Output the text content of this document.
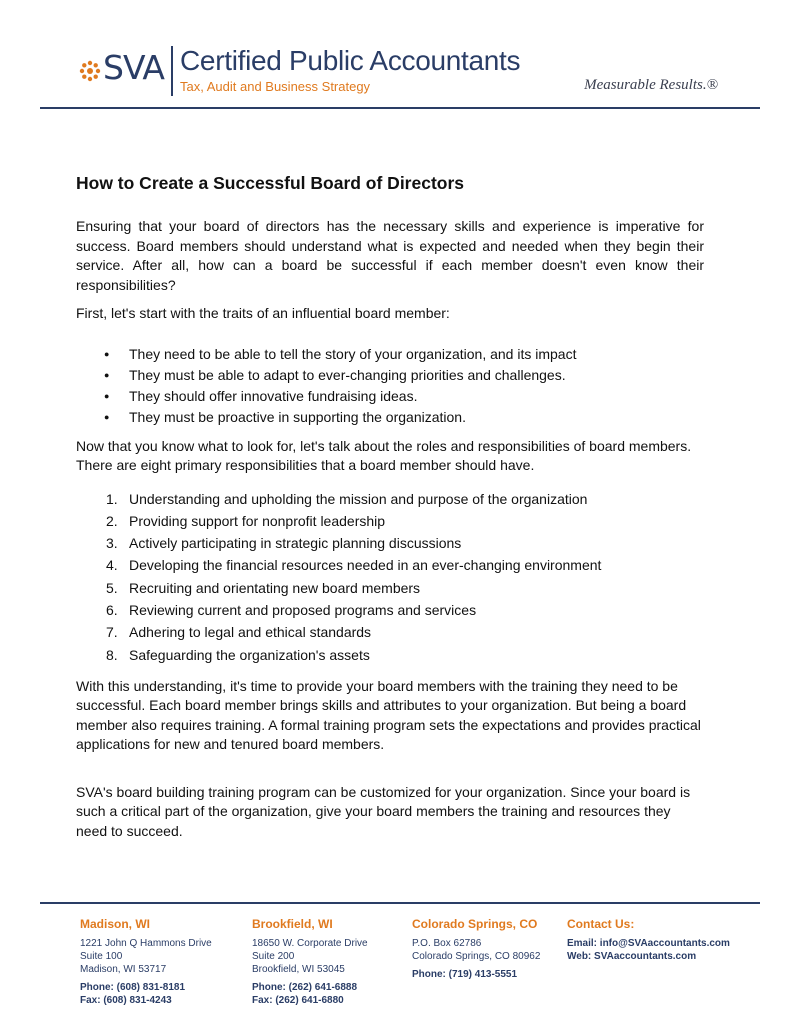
SVA Certified Public Accountants
Tax, Audit and Business Strategy	Measurable Results.®
How to Create a Successful Board of Directors

Ensuring that your board of directors has the necessary skills and experience is imperative for success. Board members should understand what is expected and needed when they begin their service. After all, how can a board be successful if each member doesn't even know their responsibilities?

First, let's start with the traits of an influential board member:

● They need to be able to tell the story of your organization, and its impact
● They must be able to adapt to ever-changing priorities and challenges.
● They should offer innovative fundraising ideas.
● They must be proactive in supporting the organization.

Now that you know what to look for, let's talk about the roles and responsibilities of board members. There are eight primary responsibilities that a board member should have.

1. Understanding and upholding the mission and purpose of the organization
2. Providing support for nonprofit leadership
3. Actively participating in strategic planning discussions
4. Developing the financial resources needed in an ever-changing environment
5. Recruiting and orientating new board members
6. Reviewing current and proposed programs and services
7. Adhering to legal and ethical standards
8. Safeguarding the organization's assets

With this understanding, it's time to provide your board members with the training they need to be successful. Each board member brings skills and attributes to your organization. But being a board member also requires training. A formal training program sets the expectations and provides practical applications for new and tenured board members.

SVA's board building training program can be customized for your organization. Since your board is such a critical part of the organization, give your board members the training and resources they need to succeed.

Madison, WI
1221 John Q Hammons Drive
Suite 100
Madison, WI 53717
Phone: (608) 831-8181
Fax: (608) 831-4243
Brookfield, WI
18650 W. Corporate Drive
Suite 200
Brookfield, WI 53045
Phone: (262) 641-6888
Fax: (262) 641-6880
Colorado Springs, CO
P.O. Box 62786
Colorado Springs, CO 80962
Phone: (719) 413-5551
Contact Us:
Email: info@SVAaccountants.com
Web: SVAaccountants.com
